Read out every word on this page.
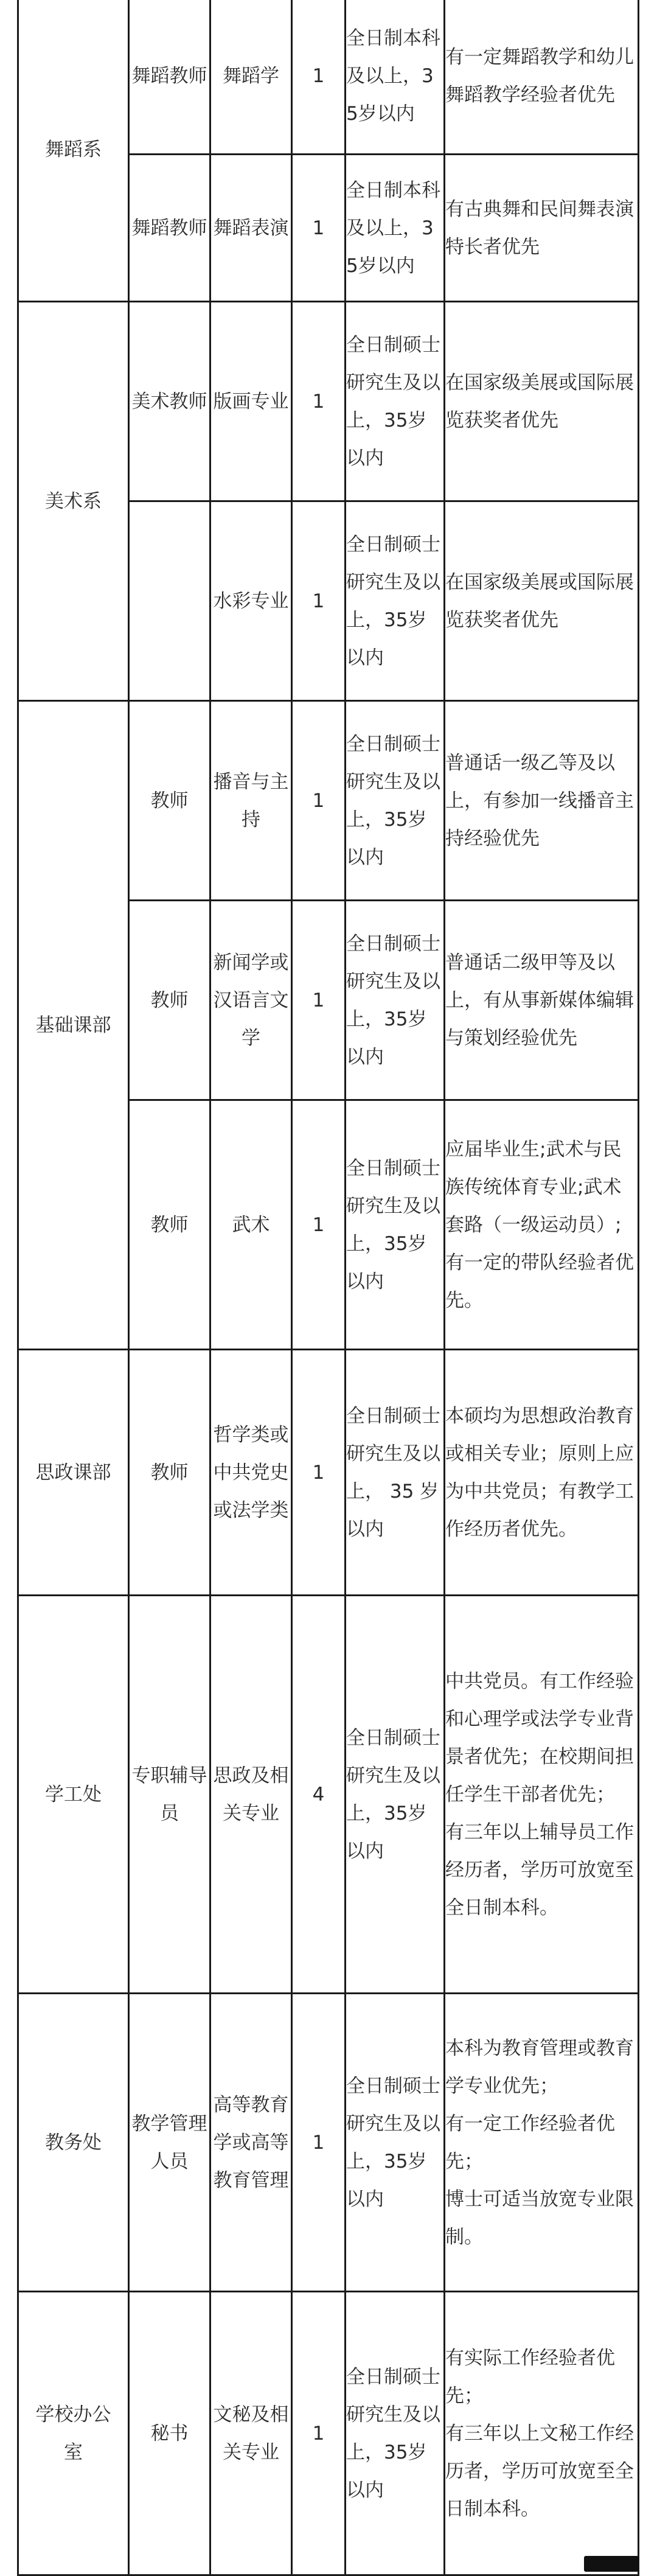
舞蹈系	舞蹈教师	舞蹈学	1	全日制本科及以上，35岁以内	有一定舞蹈教学和幼儿舞蹈教学经验者优先

	舞蹈教师	舞蹈表演	1	全日制本科及以上，35岁以内	有古典舞和民间舞表演特长者优先

美术系	美术教师	版画专业	1	全日制硕士研究生及以上，35岁以内	在国家级美展或国际展览获奖者优先

		水彩专业	1	全日制硕士研究生及以上，35岁以内	在国家级美展或国际展览获奖者优先

基础课部	教师	播音与主持	1	全日制硕士研究生及以上，35岁以内	普通话一级乙等及以上，有参加一线播音主持经验优先

	教师	新闻学或汉语言文学	1	全日制硕士研究生及以上，35岁以内	普通话二级甲等及以上，有从事新媒体编辑与策划经验优先

	教师	武术	1	全日制硕士研究生及以上，35岁以内	应届毕业生;武术与民族传统体育专业;武术套路（一级运动员）;有一定的带队经验者优先。

思政课部	教师	哲学类或中共党史或法学类	1	全日制硕士研究生及以上， 35 岁以内	本硕均为思想政治教育或相关专业；原则上应为中共党员；有教学工作经历者优先。

学工处	专职辅导员	思政及相关专业	4	全日制硕士研究生及以上，35岁以内	中共党员。有工作经验和心理学或法学专业背景者优先；在校期间担任学生干部者优先；
有三年以上辅导员工作经历者，学历可放宽至全日制本科。

教务处	教学管理人员	高等教育学或高等教育管理	1	全日制硕士研究生及以上，35岁以内	本科为教育管理或教育学专业优先；
有一定工作经验者优先；
博士可适当放宽专业限制。

学校办公室	秘书	文秘及相关专业	1	全日制硕士研究生及以上，35岁以内	有实际工作经验者优先；
有三年以上文秘工作经历者，学历可放宽至全日制本科。
